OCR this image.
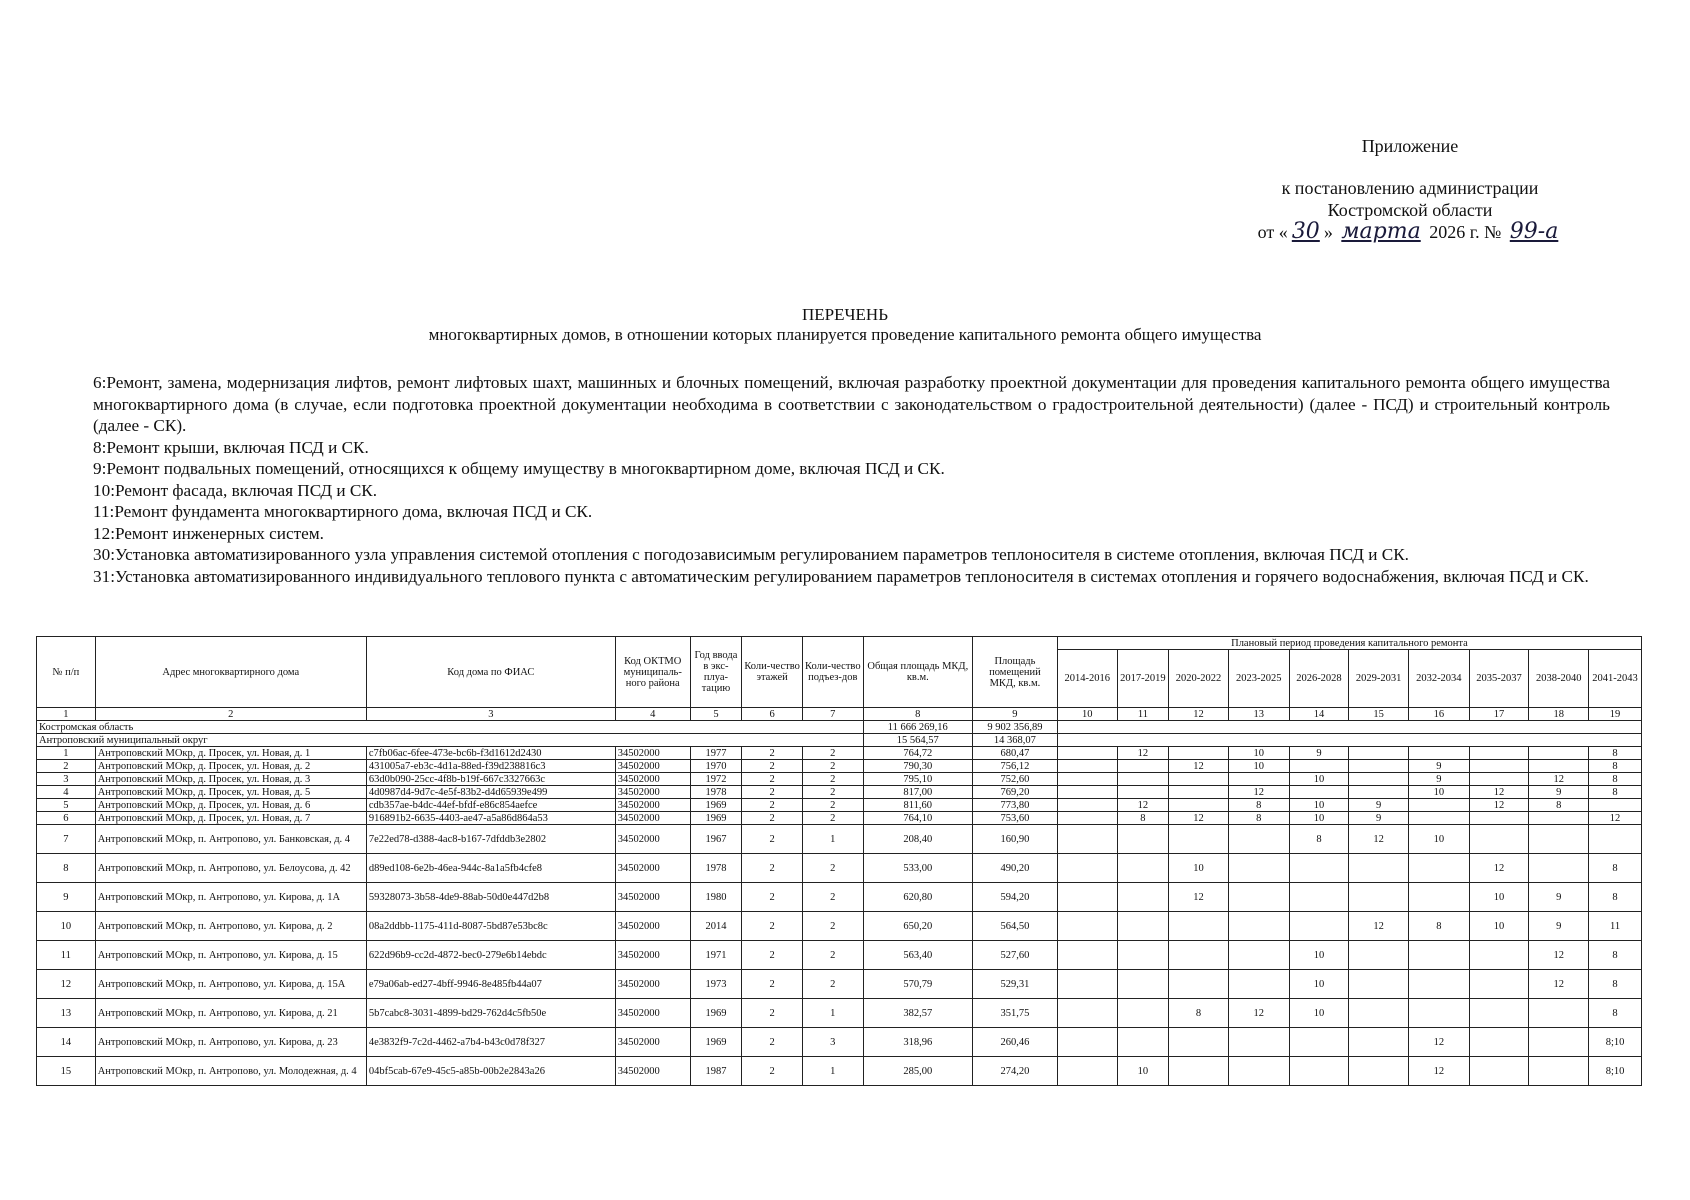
Приложение
к постановлению администрации
Костромской области
от « 30 » марта 2026 г. № 99-а
ПЕРЕЧЕНЬ
многоквартирных домов, в отношении которых планируется проведение капитального ремонта общего имущества

6:Ремонт, замена, модернизация лифтов, ремонт лифтовых шахт, машинных и блочных помещений, включая разработку проектной документации для проведения капитального ремонта общего имущества многоквартирного дома (в случае, если подготовка проектной документации необходима в соответствии с законодательством о градостроительной деятельности) (далее - ПСД) и строительный контроль (далее - СК).

8:Ремонт крыши, включая ПСД и СК.

9:Ремонт подвальных помещений, относящихся к общему имуществу в многоквартирном доме, включая ПСД и СК.

10:Ремонт фасада, включая ПСД и СК.

11:Ремонт фундамента многоквартирного дома, включая ПСД и СК.

12:Ремонт инженерных систем.

30:Установка автоматизированного узла управления системой отопления с погодозависимым регулированием параметров теплоносителя в системе отопления, включая ПСД и СК.

31:Установка автоматизированного индивидуального теплового пункта с автоматическим регулированием параметров теплоносителя в системах отопления и горячего водоснабжения, включая ПСД и СК.

№ п/п	Адрес многоквартирного дома	Код дома по ФИАС	Код ОКТМО муниципаль-ного района	Год ввода в экс-плуа-тацию	Коли-чество этажей	Коли-чество подъез-дов	Общая площадь МКД, кв.м.	Площадь помещений МКД, кв.м.	Плановый период проведения капитального ремонта									
									2014-2016	2017-2019	2020-2022	2023-2025	2026-2028	2029-2031	2032-2034	2035-2037	2038-2040	2041-2043
1	2	3	4	5	6	7	8	9	10	11	12	13	14	15	16	17	18	19
Костромская область							11 666 269,16	9 902 356,89										
Антроповский муниципальный округ							15 564,57	14 368,07										
1	Антроповский МОкр, д. Просек, ул. Новая, д. 1	c7fb06ac-6fee-473e-bc6b-f3d1612d2430	34502000	1977	2	2	764,72	680,47		12		10	9					8
2	Антроповский МОкр, д. Просек, ул. Новая, д. 2	431005a7-eb3c-4d1a-88ed-f39d238816c3	34502000	1970	2	2	790,30	756,12			12	10			9			8
3	Антроповский МОкр, д. Просек, ул. Новая, д. 3	63d0b090-25cc-4f8b-b19f-667c3327663c	34502000	1972	2	2	795,10	752,60					10		9		12	8
4	Антроповский МОкр, д. Просек, ул. Новая, д. 5	4d0987d4-9d7c-4e5f-83b2-d4d65939e499	34502000	1978	2	2	817,00	769,20				12			10	12	9	8
5	Антроповский МОкр, д. Просек, ул. Новая, д. 6	cdb357ae-b4dc-44ef-bfdf-e86c854aefce	34502000	1969	2	2	811,60	773,80		12		8	10	9		12	8	
6	Антроповский МОкр, д. Просек, ул. Новая, д. 7	916891b2-6635-4403-ae47-a5a86d864a53	34502000	1969	2	2	764,10	753,60		8	12	8	10	9				12
7	Антроповский МОкр, п. Антропово, ул. Банковская, д. 4	7e22ed78-d388-4ac8-b167-7dfddb3e2802	34502000	1967	2	1	208,40	160,90					8	12	10			
8	Антроповский МОкр, п. Антропово, ул. Белоусова, д. 42	d89ed108-6e2b-46ea-944c-8a1a5fb4cfe8	34502000	1978	2	2	533,00	490,20			10					12		8
9	Антроповский МОкр, п. Антропово, ул. Кирова, д. 1А	59328073-3b58-4de9-88ab-50d0e447d2b8	34502000	1980	2	2	620,80	594,20			12					10	9	8
10	Антроповский МОкр, п. Антропово, ул. Кирова, д. 2	08a2ddbb-1175-411d-8087-5bd87e53bc8c	34502000	2014	2	2	650,20	564,50						12	8	10	9	11
11	Антроповский МОкр, п. Антропово, ул. Кирова, д. 15	622d96b9-cc2d-4872-bec0-279e6b14ebdc	34502000	1971	2	2	563,40	527,60					10				12	8
12	Антроповский МОкр, п. Антропово, ул. Кирова, д. 15А	e79a06ab-ed27-4bff-9946-8e485fb44a07	34502000	1973	2	2	570,79	529,31					10				12	8
13	Антроповский МОкр, п. Антропово, ул. Кирова, д. 21	5b7cabc8-3031-4899-bd29-762d4c5fb50e	34502000	1969	2	1	382,57	351,75			8	12	10					8
14	Антроповский МОкр, п. Антропово, ул. Кирова, д. 23	4e3832f9-7c2d-4462-a7b4-b43c0d78f327	34502000	1969	2	3	318,96	260,46							12			8;10
15	Антроповский МОкр, п. Антропово, ул. Молодежная, д. 4	04bf5cab-67e9-45c5-a85b-00b2e2843a26	34502000	1987	2	1	285,00	274,20		10					12			8;10
